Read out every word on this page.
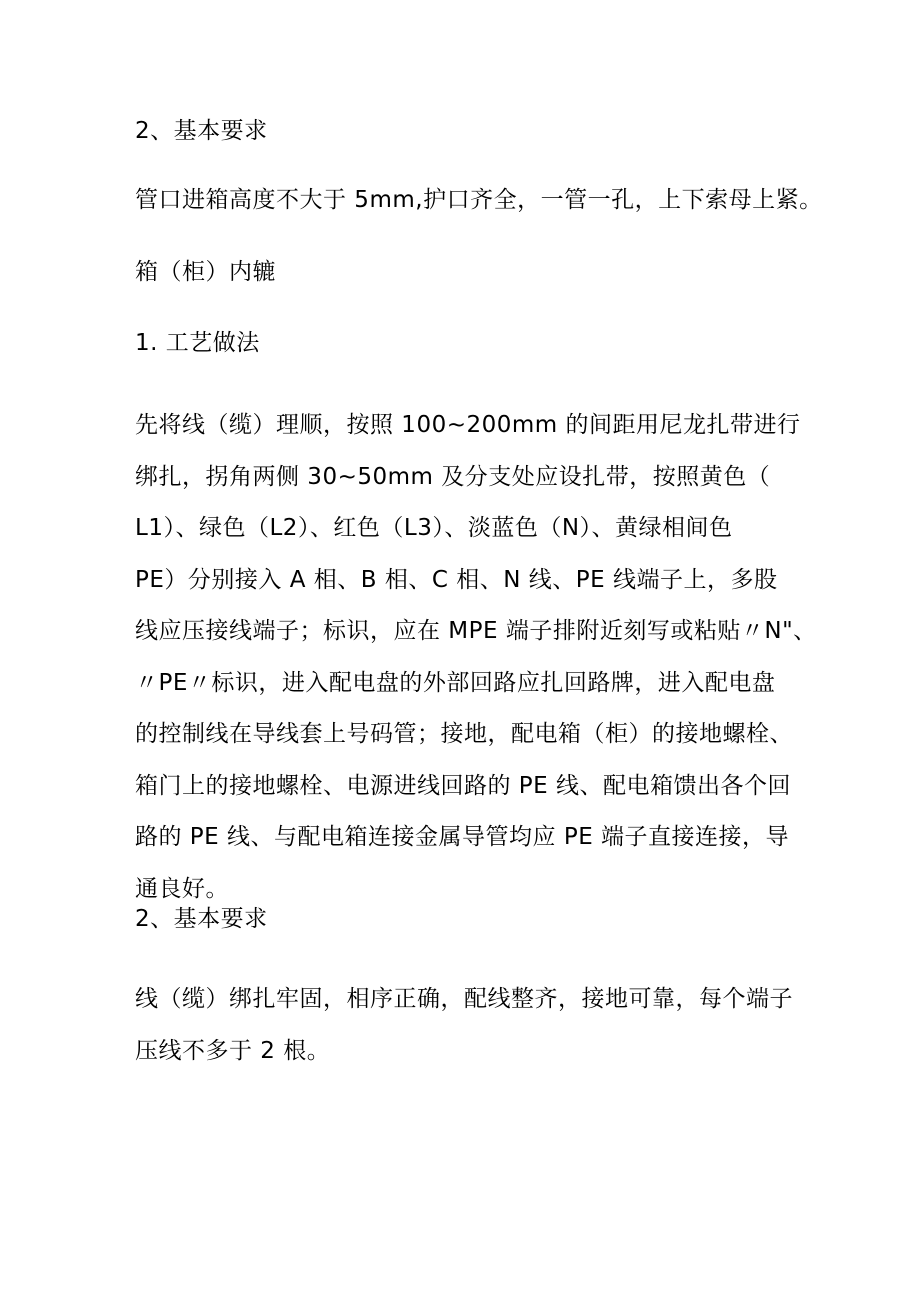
2、基本要求
管口进箱高度不大于 5mm,护口齐全，一管一孔，上下索母上紧。
箱（柜）内辘
1. 工艺做法
先将线（缆）理顺，按照 100~200mm 的间距用尼龙扎带进行
绑扎，拐角两侧 30~50mm 及分支处应设扎带，按照黄色（
L1）、绿色（L2）、红色（L3）、淡蓝色（N）、黄绿相间色
PE）分别接入 A 相、B 相、C 相、N 线、PE 线端子上，多股
线应压接线端子；标识，应在 MPE 端子排附近刻写或粘贴〃N"、
〃PE〃标识，进入配电盘的外部回路应扎回路牌，进入配电盘
的控制线在导线套上号码管；接地，配电箱（柜）的接地螺栓、
箱门上的接地螺栓、电源进线回路的 PE 线、配电箱馈出各个回
路的 PE 线、与配电箱连接金属导管均应 PE 端子直接连接，导
通良好。
2、基本要求
线（缆）绑扎牢固，相序正确，配线整齐，接地可靠，每个端子
压线不多于 2 根。
